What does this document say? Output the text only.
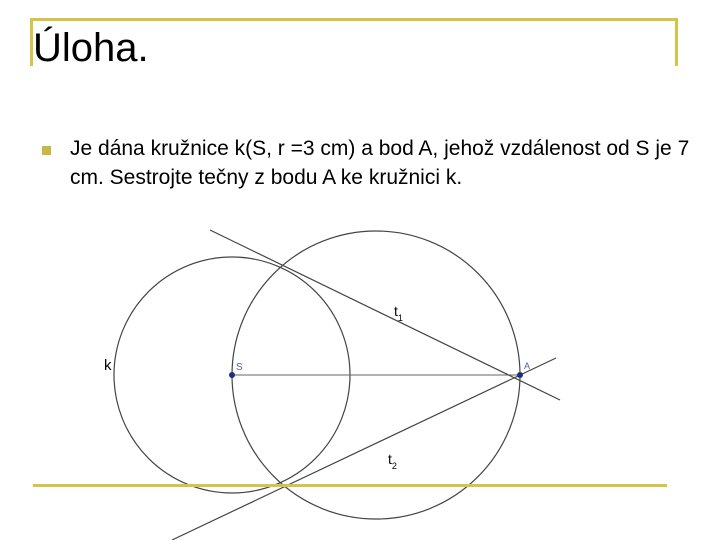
Úloha.
Je dána kružnice k(S, r =3 cm) a bod A, jehož vzdálenost od S je 7 cm. Sestrojte tečny z bodu A ke kružnici k.
k	S	A
$t_1$
$t_2$
